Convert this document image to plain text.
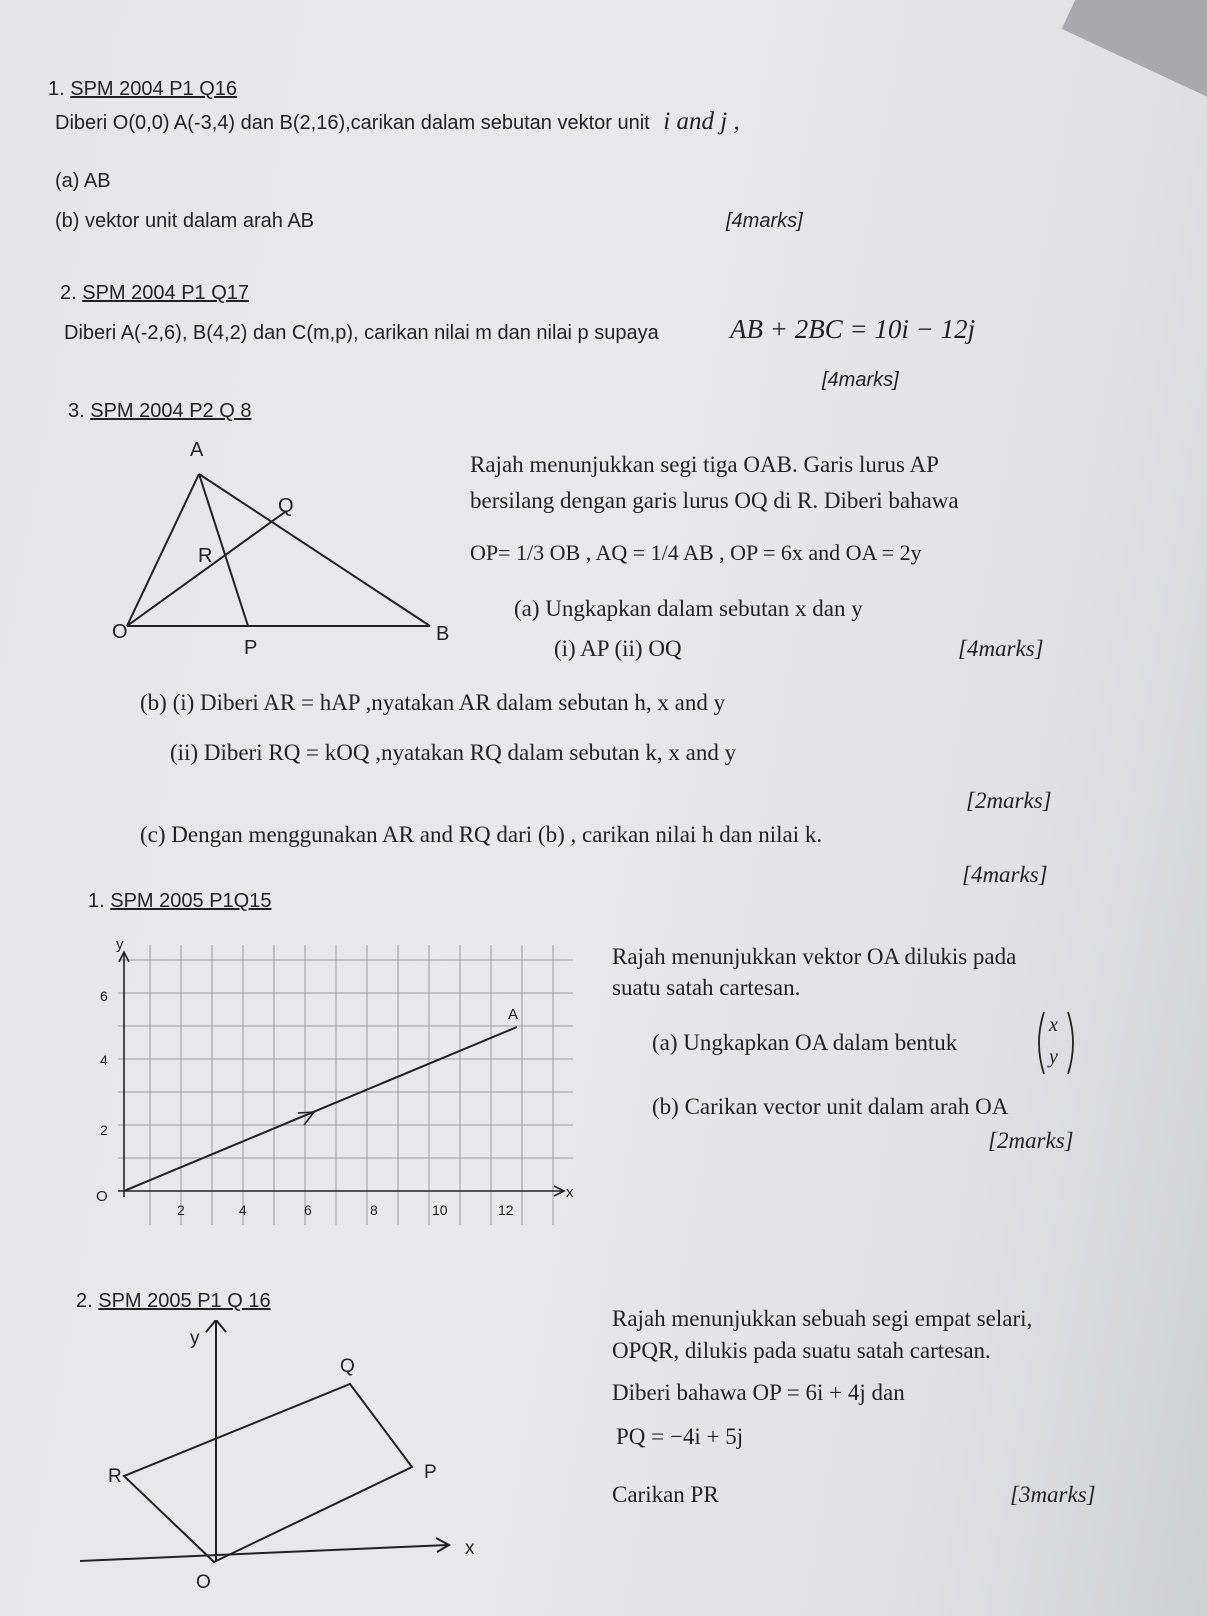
1. SPM 2004 P1 Q16
Diberi O(0,0) A(-3,4) dan B(2,16),carikan dalam sebutan vektor unit i and j ,
(a) AB
(b) vektor unit dalam arah AB	[4marks]
2. SPM 2004 P1 Q17
Diberi A(-2,6), B(4,2) dan C(m,p), carikan nilai m dan nilai p supaya	AB + 2BC = 10i − 12j
[4marks]
3. SPM 2004 P2 Q 8
A
Q
R
O	B
P
Rajah menunjukkan segi tiga OAB. Garis lurus AP
bersilang dengan garis lurus OQ di R. Diberi bahawa
OP= 1/3 OB , AQ = 1/4 AB , OP = 6x and OA = 2y
(a) Ungkapkan dalam sebutan x dan y
(i) AP (ii) OQ	[4marks]
(b) (i) Diberi AR = hAP ,nyatakan AR dalam sebutan h, x and y
(ii) Diberi RQ = kOQ ,nyatakan RQ dalam sebutan k, x and y
[2marks]
(c) Dengan menggunakan AR and RQ dari (b) , carikan nilai h dan nilai k.
[4marks]
1. SPM 2005 P1Q15
y
x
A
O
2
4
6
2	4	6	8	10	12
Rajah menunjukkan vektor OA dilukis pada
suatu satah cartesan.
(a) Ungkapkan OA dalam bentuk
x
y
(b) Carikan vector unit dalam arah OA
[2marks]
2. SPM 2005 P1 Q 16
y
x
Q
R	P
O
Rajah menunjukkan sebuah segi empat selari,
OPQR, dilukis pada suatu satah cartesan.
Diberi bahawa OP = 6i + 4j dan
PQ = −4i + 5j
Carikan PR	[3marks]
